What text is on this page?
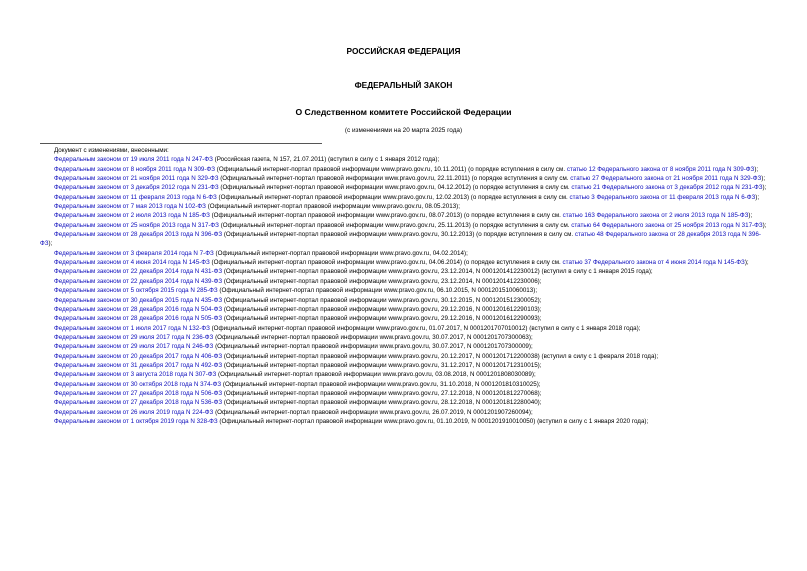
РОССИЙСКАЯ ФЕДЕРАЦИЯ
ФЕДЕРАЛЬНЫЙ ЗАКОН
О Следственном комитете Российской Федерации
(с изменениями на 20 марта 2025 года)

Документ с изменениями, внесенными:

Федеральным законом от 19 июля 2011 года N 247-ФЗ (Российская газета, N 157, 21.07.2011) (вступил в силу с 1 января 2012 года);

Федеральным законом от 8 ноября 2011 года N 309-ФЗ (Официальный интернет-портал правовой информации www.pravo.gov.ru, 10.11.2011) (о порядке вступления в силу см. статью 12 Федерального закона от 8 ноября 2011 года N 309-ФЗ);

Федеральным законом от 21 ноября 2011 года N 329-ФЗ (Официальный интернет-портал правовой информации www.pravo.gov.ru, 22.11.2011) (о порядке вступления в силу см. статью 27 Федерального закона от 21 ноября 2011 года N 329-ФЗ);

Федеральным законом от 3 декабря 2012 года N 231-ФЗ (Официальный интернет-портал правовой информации www.pravo.gov.ru, 04.12.2012) (о порядке вступления в силу см. статью 21 Федерального закона от 3 декабря 2012 года N 231-ФЗ);

Федеральным законом от 11 февраля 2013 года N 6-ФЗ (Официальный интернет-портал правовой информации www.pravo.gov.ru, 12.02.2013) (о порядке вступления в силу см. статью 3 Федерального закона от 11 февраля 2013 года N 6-ФЗ);

Федеральным законом от 7 мая 2013 года N 102-ФЗ (Официальный интернет-портал правовой информации www.pravo.gov.ru, 08.05.2013);

Федеральным законом от 2 июля 2013 года N 185-ФЗ (Официальный интернет-портал правовой информации www.pravo.gov.ru, 08.07.2013) (о порядке вступления в силу см. статью 163 Федерального закона от 2 июля 2013 года N 185-ФЗ);

Федеральным законом от 25 ноября 2013 года N 317-ФЗ (Официальный интернет-портал правовой информации www.pravo.gov.ru, 25.11.2013) (о порядке вступления в силу см. статью 64 Федерального закона от 25 ноября 2013 года N 317-ФЗ);

Федеральным законом от 28 декабря 2013 года N 396-ФЗ (Официальный интернет-портал правовой информации www.pravo.gov.ru, 30.12.2013) (о порядке вступления в силу см. статью 48 Федерального закона от 28 декабря 2013 года N 396-ФЗ);

Федеральным законом от 3 февраля 2014 года N 7-ФЗ (Официальный интернет-портал правовой информации www.pravo.gov.ru, 04.02.2014);

Федеральным законом от 4 июня 2014 года N 145-ФЗ (Официальный интернет-портал правовой информации www.pravo.gov.ru, 04.06.2014) (о порядке вступления в силу см. статью 37 Федерального закона от 4 июня 2014 года N 145-ФЗ);

Федеральным законом от 22 декабря 2014 года N 431-ФЗ (Официальный интернет-портал правовой информации www.pravo.gov.ru, 23.12.2014, N 0001201412230012) (вступил в силу с 1 января 2015 года);

Федеральным законом от 22 декабря 2014 года N 439-ФЗ (Официальный интернет-портал правовой информации www.pravo.gov.ru, 23.12.2014, N 0001201412230006);

Федеральным законом от 5 октября 2015 года N 285-ФЗ (Официальный интернет-портал правовой информации www.pravo.gov.ru, 06.10.2015, N 0001201510060013);

Федеральным законом от 30 декабря 2015 года N 435-ФЗ (Официальный интернет-портал правовой информации www.pravo.gov.ru, 30.12.2015, N 0001201512300052);

Федеральным законом от 28 декабря 2016 года N 504-ФЗ (Официальный интернет-портал правовой информации www.pravo.gov.ru, 29.12.2016, N 0001201612290103);

Федеральным законом от 28 декабря 2016 года N 505-ФЗ (Официальный интернет-портал правовой информации www.pravo.gov.ru, 29.12.2016, N 0001201612290093);

Федеральным законом от 1 июля 2017 года N 132-ФЗ (Официальный интернет-портал правовой информации www.pravo.gov.ru, 01.07.2017, N 0001201707010012) (вступил в силу с 1 января 2018 года);

Федеральным законом от 29 июля 2017 года N 236-ФЗ (Официальный интернет-портал правовой информации www.pravo.gov.ru, 30.07.2017, N 0001201707300063);

Федеральным законом от 29 июля 2017 года N 246-ФЗ (Официальный интернет-портал правовой информации www.pravo.gov.ru, 30.07.2017, N 0001201707300009);

Федеральным законом от 20 декабря 2017 года N 406-ФЗ (Официальный интернет-портал правовой информации www.pravo.gov.ru, 20.12.2017, N 0001201712200038) (вступил в силу с 1 февраля 2018 года);

Федеральным законом от 31 декабря 2017 года N 492-ФЗ (Официальный интернет-портал правовой информации www.pravo.gov.ru, 31.12.2017, N 0001201712310015);

Федеральным законом от 3 августа 2018 года N 307-ФЗ (Официальный интернет-портал правовой информации www.pravo.gov.ru, 03.08.2018, N 0001201808030089);

Федеральным законом от 30 октября 2018 года N 374-ФЗ (Официальный интернет-портал правовой информации www.pravo.gov.ru, 31.10.2018, N 0001201810310025);

Федеральным законом от 27 декабря 2018 года N 506-ФЗ (Официальный интернет-портал правовой информации www.pravo.gov.ru, 27.12.2018, N 0001201812270068);

Федеральным законом от 27 декабря 2018 года N 536-ФЗ (Официальный интернет-портал правовой информации www.pravo.gov.ru, 28.12.2018, N 0001201812280040);

Федеральным законом от 26 июля 2019 года N 224-ФЗ (Официальный интернет-портал правовой информации www.pravo.gov.ru, 26.07.2019, N 0001201907260094);

Федеральным законом от 1 октября 2019 года N 328-ФЗ (Официальный интернет-портал правовой информации www.pravo.gov.ru, 01.10.2019, N 0001201910010050) (вступил в силу с 1 января 2020 года);
